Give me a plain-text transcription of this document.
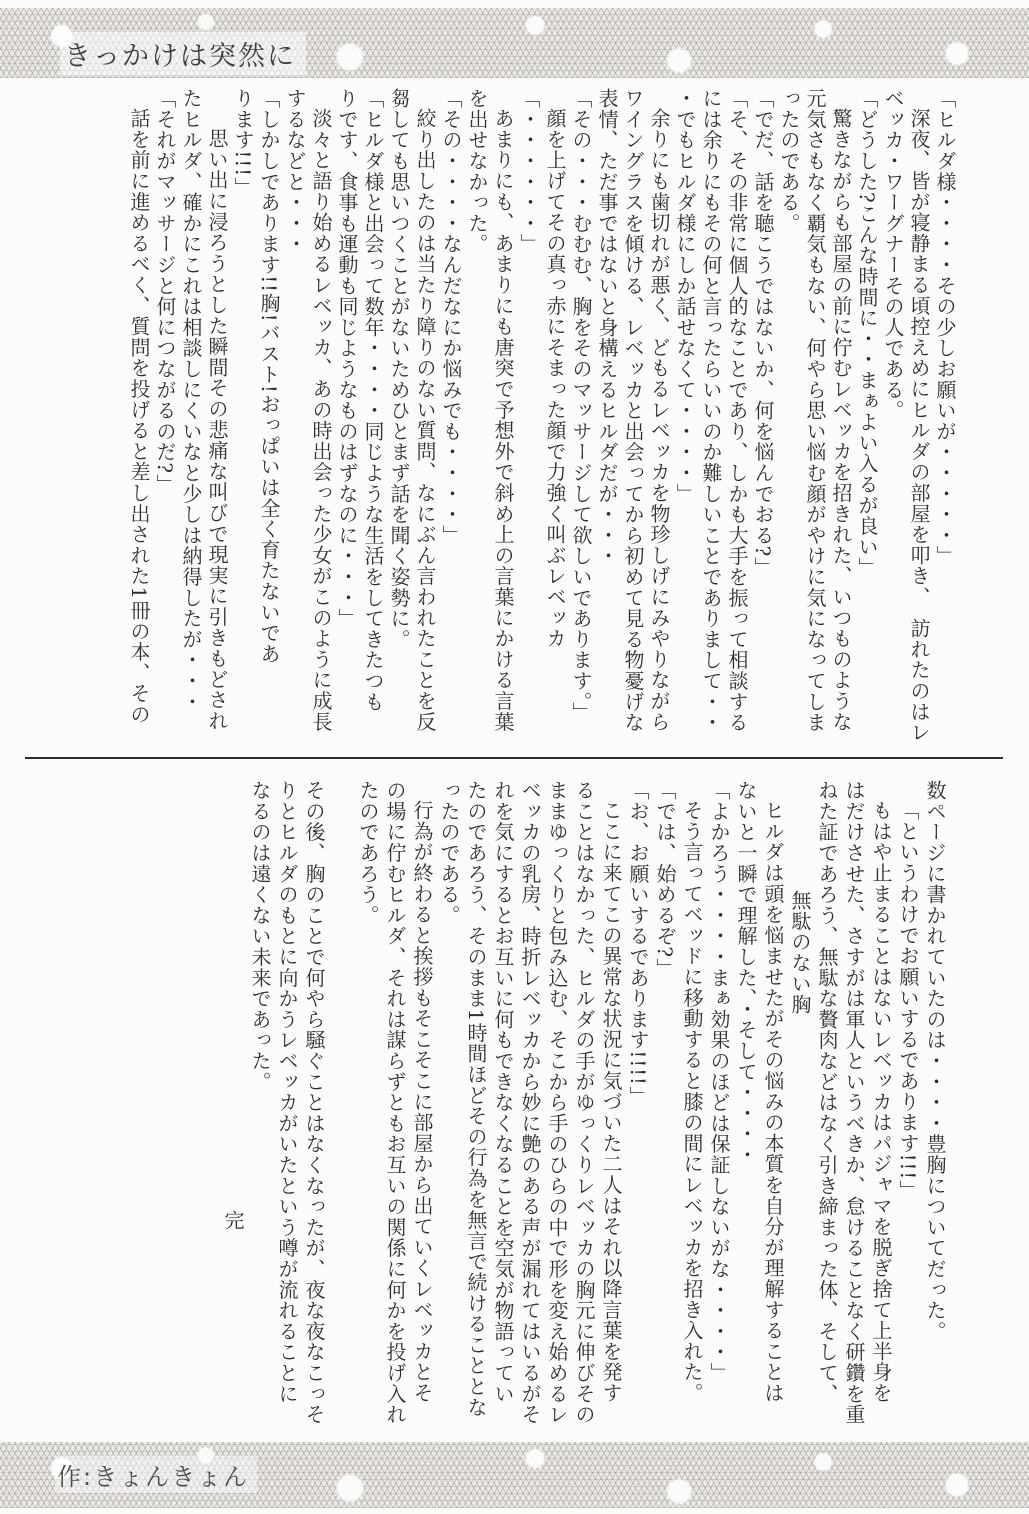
きっかけは突然に
「ヒルダ様・・・・その少しお願いが・・・・・」
深夜、皆が寝静まる頃控えめにヒルダの部屋を叩き、　訪れたのはレ
ベッカ・ワーグナーその人である。
「どうした?こんな時間に・・まぁよい入るが良い」
驚きながらも部屋の前に佇むレベッカを招きれた、いつものような
元気さもなく覇気もない、何やら思い悩む顔がやけに気になってしま
ったのである。
「でだ、話を聴こうではないか、何を悩んでおる?」
「そ、その非常に個人的なことであり、しかも大手を振って相談する
には余りにもその何と言ったらいいのか難しいことでありまして・・
・でもヒルダ様にしか話せなくて・・・・」
余りにも歯切れが悪く、どもるレベッカを物珍しげにみやりながら
ワイングラスを傾ける、レベッカと出会ってから初めて見る物憂げな
表情、ただ事ではないと身構えるヒルダだが・・・
「その・・・むむむ、胸をそのマッサージして欲しいであります。」
顔を上げてその真っ赤にそまった顔で力強く叫ぶレベッカ
「・・・・・・」
あまりにも、あまりにも唐突で予想外で斜め上の言葉にかける言葉
を出せなかった。
「その・・・・なんだなにか悩みでも・・・・」
絞り出したのは当たり障りのない質問、なにぶん言われたことを反
芻しても思いつくことがないためひとまず話を聞く姿勢に。
「ヒルダ様と出会って数年・・・・同じような生活をしてきたつも
りです、食事も運動も同じようなものはずなのに・・・」
淡々と語り始めるレベッカ、あの時出会った少女がこのように成長
するなどと・・・
「しかしであります!!胸!バスト!おっぱいは全く育たないであ
ります!!!」
思い出に浸ろうとした瞬間その悲痛な叫びで現実に引きもどされ
たヒルダ、確かにこれは相談しにくいなと少しは納得したが・・・
「それがマッサージと何につながるのだ?」
話を前に進めるべく、質問を投げると差し出された1冊の本、その
数ページに書かれていたのは・・・・豊胸についてだった。
「というわけでお願いするであります!!!」
もはや止まることはないレベッカはパジャマを脱ぎ捨て上半身を
はだけさせた、さすがは軍人というべきか、怠けることなく研鑽を重
ねた証であろう、無駄な贅肉などはなく引き締まった体、そして、
無駄のない胸
ヒルダは頭を悩ませたがその悩みの本質を自分が理解することは
ないと一瞬で理解した、・そして・・・・
「よかろう・・・・まぁ効果のほどは保証しないがな・・・・」
そう言ってベッドに移動すると膝の間にレベッカを招き入れた。
「では、始めるぞ?」
「お、お願いするであります!!!!」
ここに来てこの異常な状況に気づいた二人はそれ以降言葉を発す
ることはなかった、ヒルダの手がゆっくりレベッカの胸元に伸びその
ままゆっくりと包み込む、そこから手のひらの中で形を変え始めるレ
ベッカの乳房、時折レベッカから妙に艶のある声が漏れてはいるがそ
れを気にするとお互いに何もできなくなることを空気が物語ってい
たのであろう、そのまま1時間ほどその行為を無言で続けることとな
ったのである。
行為が終わると挨拶もそこそこに部屋から出ていくレベッカとそ
の場に佇むヒルダ、それは謀らずともお互いの関係に何かを投げ入れ
たのであろう。

その後、胸のことで何やら騒ぐことはなくなったが、夜な夜なこっそ
りとヒルダのもとに向かうレベッカがいたという噂が流れることに
なるのは遠くない未来であった。
完
作:きょんきょん
